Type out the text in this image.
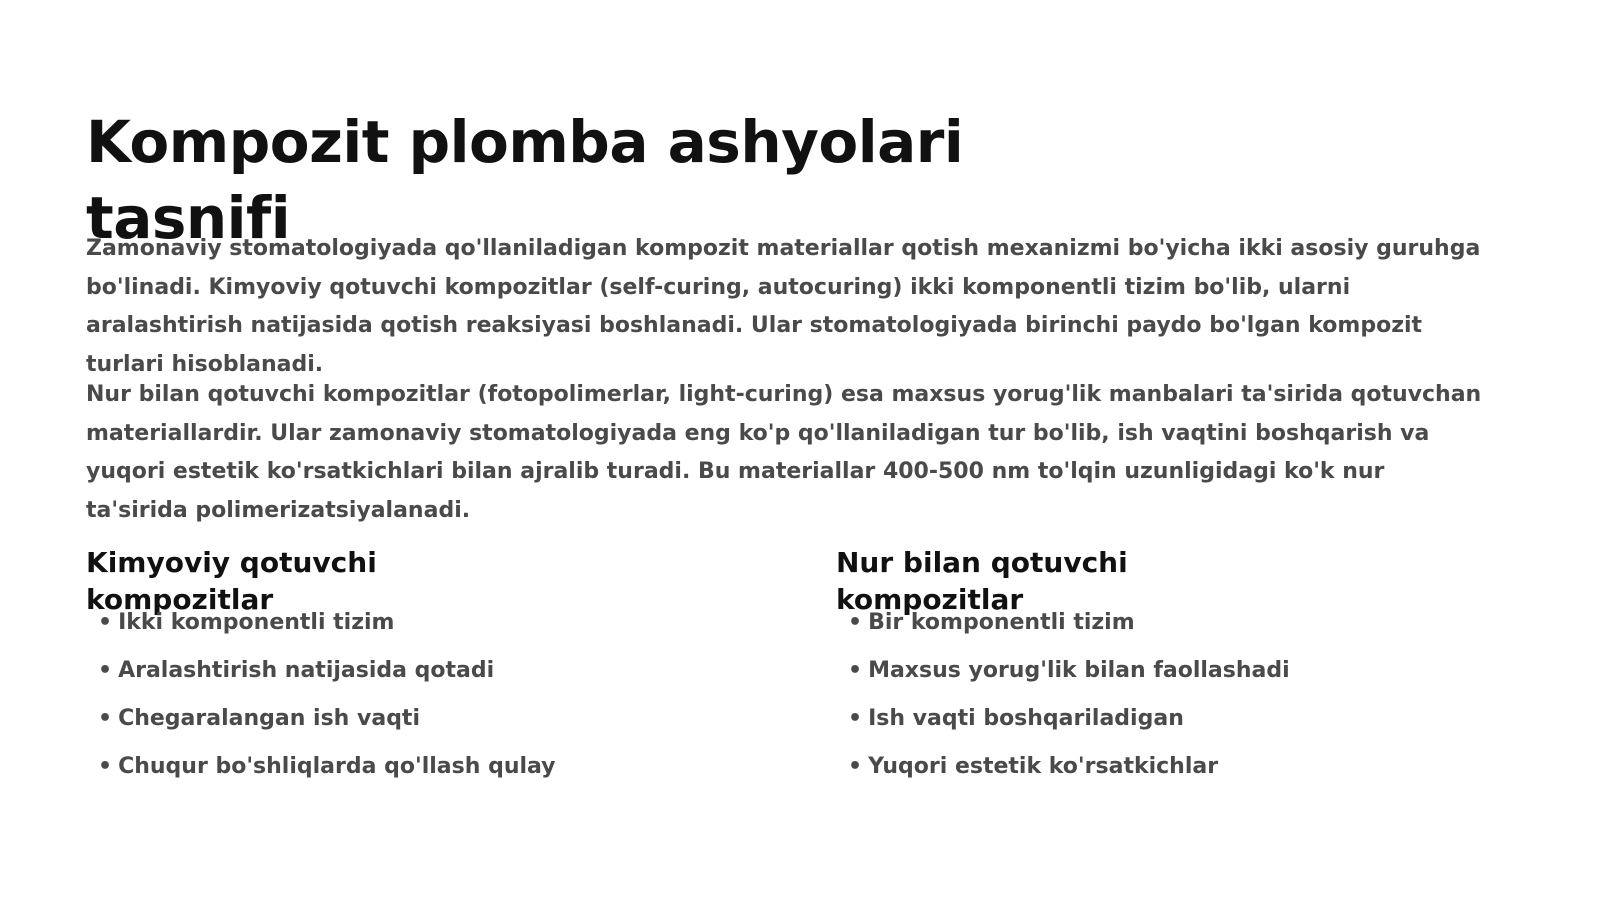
Kompozit plomba ashyolari tasnifi

Zamonaviy stomatologiyada qo'llaniladigan kompozit materiallar qotish mexanizmi bo'yicha ikki asosiy guruhga bo'linadi. Kimyoviy qotuvchi kompozitlar (self-curing, autocuring) ikki komponentli tizim bo'lib, ularni aralashtirish natijasida qotish reaksiyasi boshlanadi. Ular stomatologiyada birinchi paydo bo'lgan kompozit turlari hisoblanadi.

Nur bilan qotuvchi kompozitlar (fotopolimerlar, light-curing) esa maxsus yorug'lik manbalari ta'sirida qotuvchan materiallardir. Ular zamonaviy stomatologiyada eng ko'p qo'llaniladigan tur bo'lib, ish vaqtini boshqarish va yuqori estetik ko'rsatkichlari bilan ajralib turadi. Bu materiallar 400-500 nm to'lqin uzunligidagi ko'k nur ta'sirida polimerizatsiyalanadi.

Kimyoviy qotuvchi kompozitlar
• Ikki komponentli tizim
• Aralashtirish natijasida qotadi
• Chegaralangan ish vaqti
• Chuqur bo'shliqlarda qo'llash qulay
Nur bilan qotuvchi kompozitlar
• Bir komponentli tizim
• Maxsus yorug'lik bilan faollashadi
• Ish vaqti boshqariladigan
• Yuqori estetik ko'rsatkichlar
